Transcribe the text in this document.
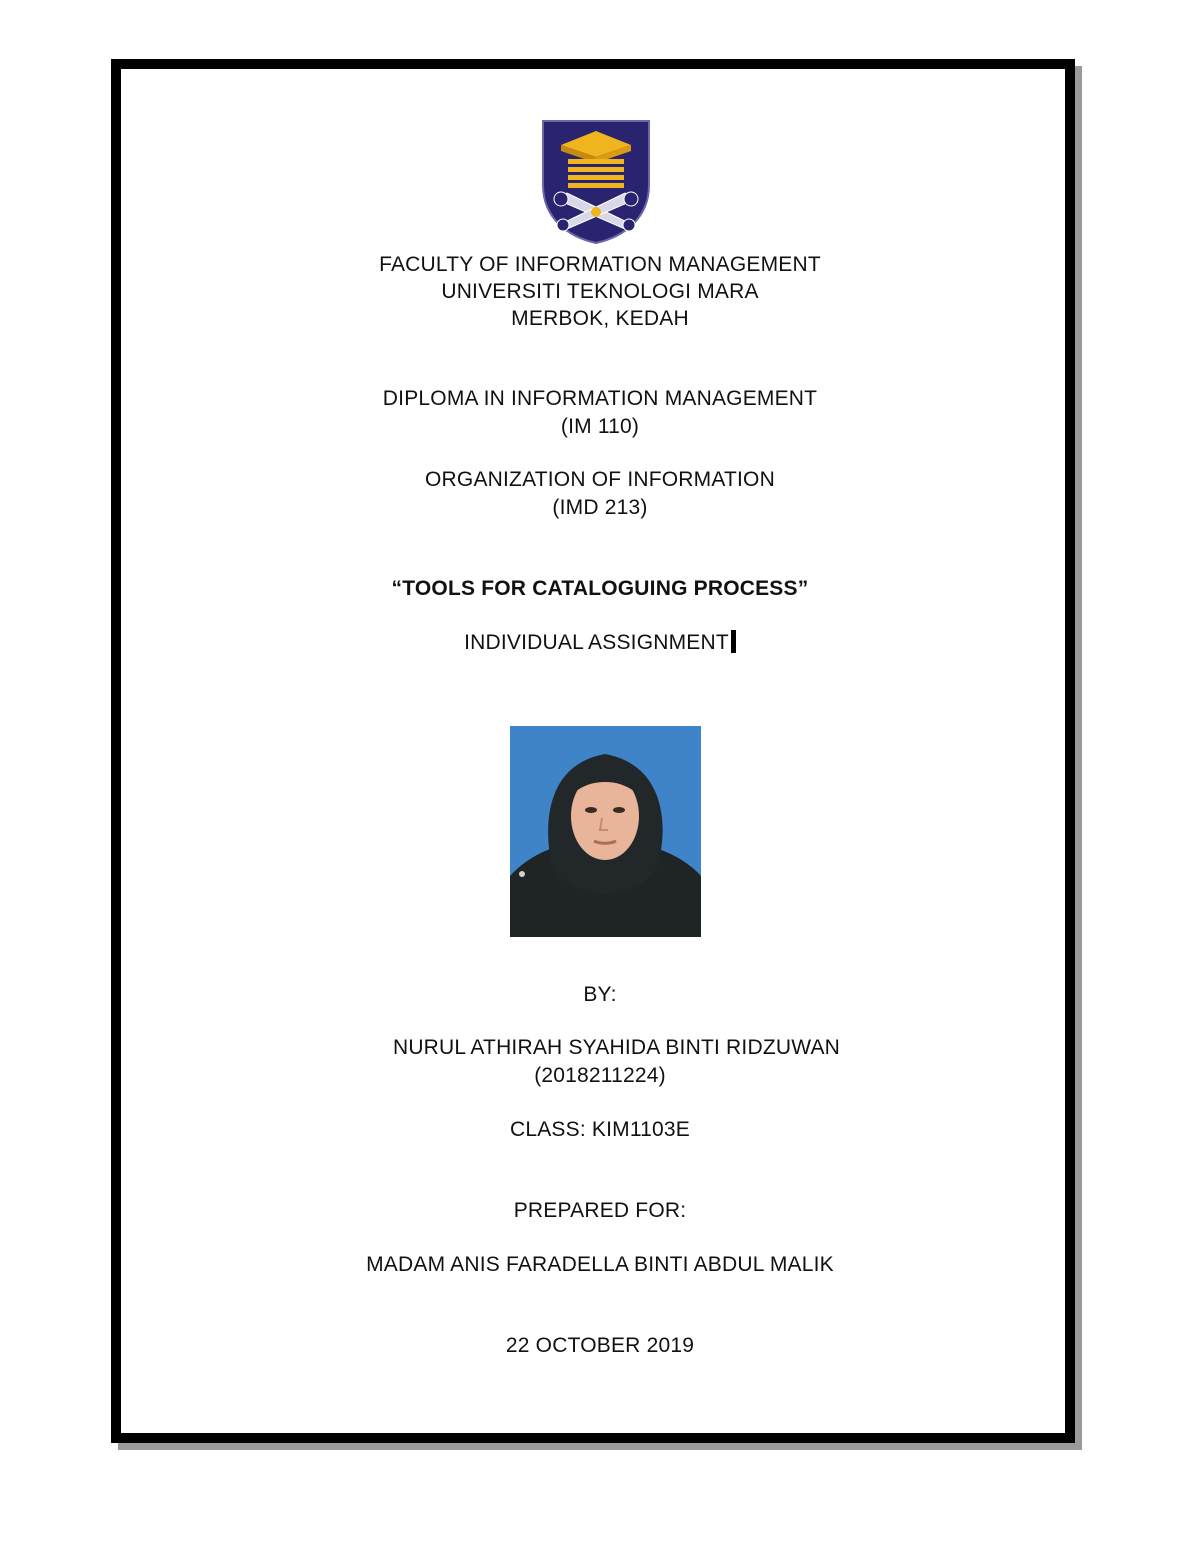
FACULTY OF INFORMATION MANAGEMENT
UNIVERSITI TEKNOLOGI MARA
MERBOK, KEDAH
DIPLOMA IN INFORMATION MANAGEMENT
(IM 110)
ORGANIZATION OF INFORMATION
(IMD 213)
“TOOLS FOR CATALOGUING PROCESS”
INDIVIDUAL ASSIGNMENT
BY:
NURUL ATHIRAH SYAHIDA BINTI RIDZUWAN
(2018211224)
CLASS: KIM1103E
PREPARED FOR:
MADAM ANIS FARADELLA BINTI ABDUL MALIK
22 OCTOBER 2019
